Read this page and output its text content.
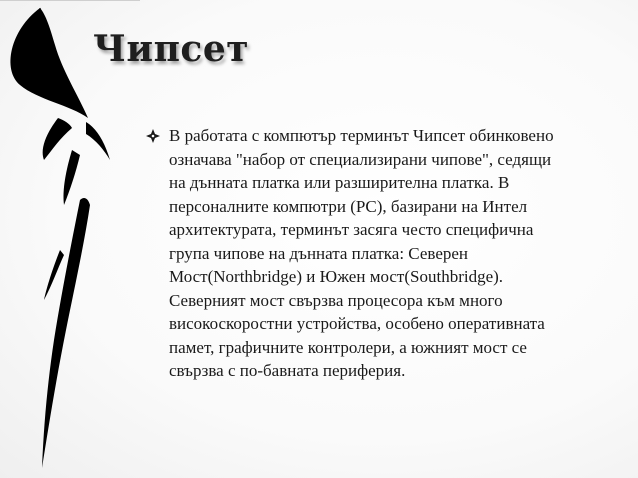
Чипсет

В работата с компютър терминът Чипсет обинковено означава "набор от специализирани чипове", седящи на дънната платка или разширителна платка. В персоналните компютри (PC), базирани на Интел архитектурата, терминът засяга често специфична група чипове на дънната платка: Северен Мост(Northbridge) и Южен мост(Southbridge). Северният мост свързва процесора към много високоскоростни устройства, особено оперативната памет, графичните контролери, а южният мост се свързва с по-бавната периферия.
